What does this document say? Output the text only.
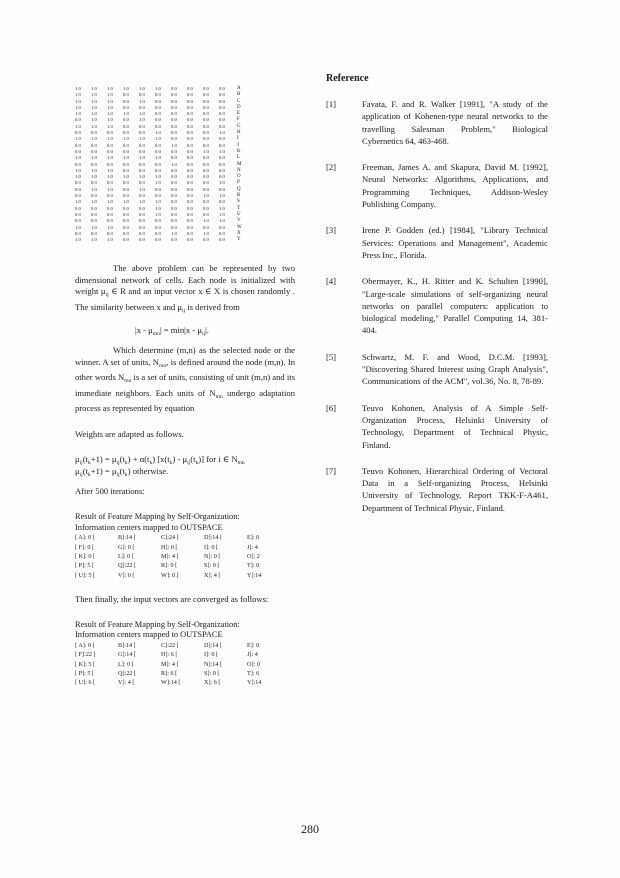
1.0	1.0	1.0	1.0	1.0	1.0	0.0	0.0	0.0	0.0	A
1.0	1.0	1.0	0.0	0.0	0.0	0.0	0.0	0.0	0.0	B
1.0	1.0	1.0	0.0	1.0	0.0	0.0	0.0	0.0	0.0	C
1.0	1.0	1.0	0.0	0.0	0.0	0.0	0.0	0.0	0.0	D
1.0	1.0	1.0	1.0	1.0	0.0	0.0	0.0	0.0	0.0	E
0.0	1.0	1.0	0.0	1.0	0.0	0.0	0.0	0.0	0.0	F
1.0	1.0	1.0	0.0	0.0	0.0	0.0	0.0	0.0	0.0	G
0.0	0.0	0.0	0.0	0.0	1.0	0.0	0.0	0.0	1.0	H
1.0	1.0	1.0	1.0	1.0	1.0	0.0	0.0	0.0	0.0	I
0.0	0.0	0.0	0.0	0.0	0.0	1.0	0.0	0.0	0.0	J
0.0	0.0	0.0	0.0	0.0	0.0	0.0	0.0	1.0	1.0	K
1.0	1.0	1.0	1.0	1.0	1.0	0.0	0.0	0.0	0.0	L
0.0	0.0	0.0	0.0	0.0	0.0	1.0	0.0	0.0	0.0	M
1.0	1.0	1.0	0.0	0.0	0.0	0.0	0.0	0.0	0.0	N
1.0	1.0	1.0	1.0	1.0	1.0	0.0	0.0	0.0	0.0	O
0.0	0.0	0.0	0.0	0.0	1.0	0.0	0.0	0.0	1.0	P
0.0	1.0	1.0	0.0	1.0	0.0	0.0	0.0	0.0	0.0	Q
0.0	0.0	0.0	0.0	0.0	0.0	0.0	0.0	1.0	1.0	R
1.0	1.0	1.0	1.0	1.0	1.0	0.0	0.0	0.0	0.0	S
0.0	0.0	0.0	0.0	0.0	1.0	0.0	0.0	0.0	1.0	T
0.0	0.0	0.0	0.0	0.0	1.0	0.0	0.0	0.0	1.0	U
0.0	0.0	0.0	0.0	0.0	0.0	0.0	0.0	1.0	1.0	V
1.0	1.0	1.0	0.0	0.0	0.0	0.0	0.0	0.0	0.0	W
0.0	0.0	0.0	0.0	0.0	0.0	1.0	0.0	1.0	0.0	X
1.0	1.0	1.0	0.0	0.0	0.0	0.0	0.0	0.0	0.0	Y

The above problem can be represented by two dimensional network of cells. Each node is initialized with weight $\mu_{ij}$ ∈ R and an input vector x ∈ X is chosen randomly . The similarity between x and $\mu_{ij}$ is derived from

$|x - \mu_{mn}| = \min|x - \mu_{ij}|$.

Which determine (m,n) as the selected node or the winner. A set of units, $N_{mn}$, is defined around the node (m,n). In other words $N_{mn}$ is a set of units, consisting of unit (m,n) and its immediate neighbors. Each units of $N_{mn}$ undergo adaptation process as represented by equation

Weights are adapted as follows.

$\mu_{ij}(t_k+1) = \mu_{ij}(t_k) + \alpha(t_k)$ $[x(t_k) - \mu_{ij}(t_k)]$ for i ∈ $N_{mn}$

$\mu_{ij}(t_k+1) = \mu_{ij}(t_k)$ otherwise.

After 500 iterations:

Result of Feature Mapping by Self-Organization:

Information centers mapped to OUTSPACE

[ A]: 0 [	B]:14 [	C]:24 [	D]:14 [	E]: 0
[ F]: 0 [	G]: 0 [	H]: 0 [	I]: 0 [	J]: 4
[ K]: 0 [	L]: 0 [	M]: 4 [	N]: 0 [	O]: 2
[ P]: 5 [	Q]:22 [	R]: 0 [	S]: 0 [	T]: 0
[ U]: 5 [	V]: 0 [	W]: 0 [	X]: 4 [	Y]:14

Then finally, the input vectors are converged as follows:

Result of Feature Mapping by Self-Organization:

Information centers mapped to OUTSPACE

[ A]: 0 [	B]:14 [	C]:22 [	D]:14 [	E]: 0
[ F]:22 [	G]:14 [	H]: 6 [	I]: 0 [	J]: 4
[ K]: 5 [	L]: 0 [	M]: 4 [	N]:14 [	O]: 0
[ P]: 5 [	Q]:22 [	R]: 6 [	S]: 0 [	T]: 6
[ U]: 6 [	V]: 4 [	W]:14 [	X]: 6 [	Y]:14
Reference
[1]	Favata, F. and R. Walker [1991], "A study of the application of Kohenen-type neural networks to the travelling Salesman Problem," Biological Cybernetics 64, 463-468.
[2]	Freeman, James A. and Skapura, David M. [1992], Neural Networks: Algorithms, Applications, and Programming Techniques, Addison-Wesley Publishing Company.
[3]	Irene P. Godden (ed.) [1984], "Library Technical Services: Operations and Management", Academic Press Inc., Florida.
[4]	Obermayer, K., H. Ritter and K. Schulten [1990], "Large-scale simulations of self-organizing neural networks on parallel computers: application to biological modeling," Parallel Computing 14, 381-404.
[5]	Schwartz, M. F. and Wood, D.C.M. [1993], "Discovering Shared Interest using Graph Analysis", Communications of the ACM", vol.36, No. 8, 78-89.
[6]	Teuvo Kohonen, Analysis of A Simple Self-Organization Process, Helsinki University of Technology, Department of Technical Physic, Finland.
[7]	Teuvo Kohonen, Hierarchical Ordering of Vectoral Data in a Self-organizing Process, Helsinki University of Technology, Report TKK-F-A461, Department of Technical Physic, Finland.
280
